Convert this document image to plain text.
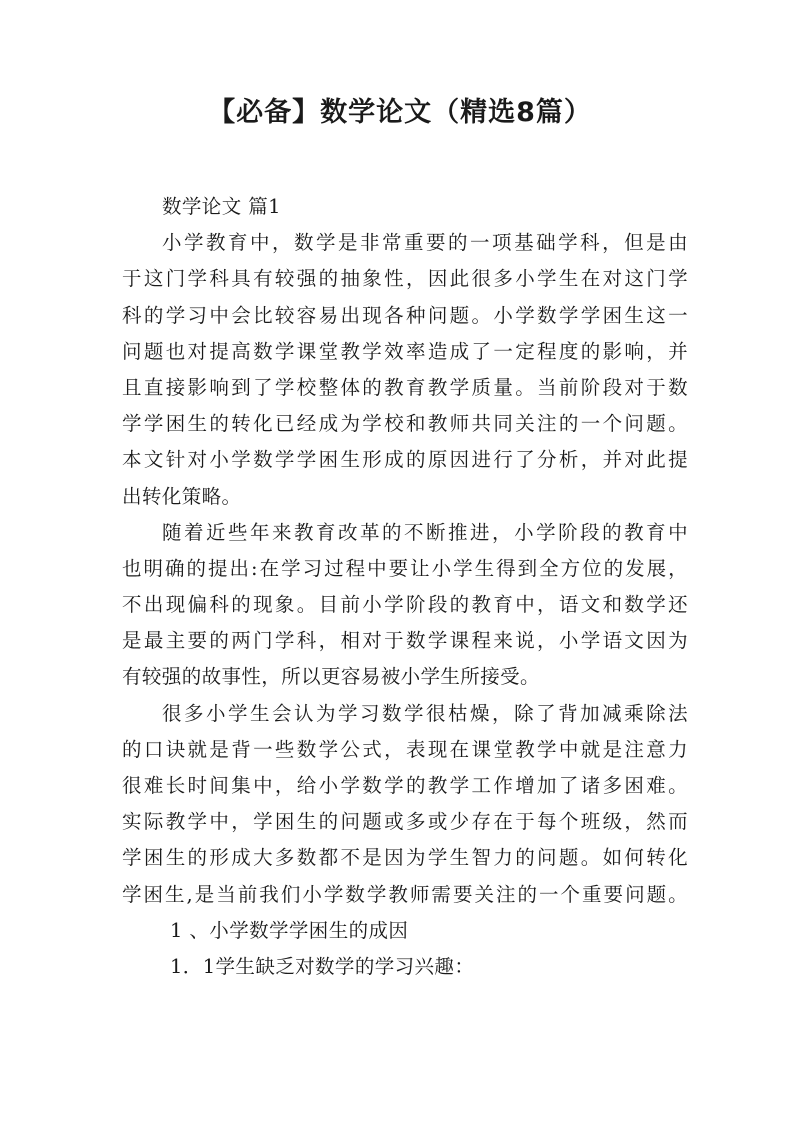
【必备】数学论文（精选8篇）
数学论文 篇1
小学教育中，数学是非常重要的一项基础学科，但是由
于这门学科具有较强的抽象性，因此很多小学生在对这门学
科的学习中会比较容易出现各种问题。小学数学学困生这一
问题也对提高数学课堂教学效率造成了一定程度的影响，并
且直接影响到了学校整体的教育教学质量。当前阶段对于数
学学困生的转化已经成为学校和教师共同关注的一个问题。
本文针对小学数学学困生形成的原因进行了分析，并对此提
出转化策略。
随着近些年来教育改革的不断推进，小学阶段的教育中
也明确的提出:在学习过程中要让小学生得到全方位的发展，
不出现偏科的现象。目前小学阶段的教育中，语文和数学还
是最主要的两门学科，相对于数学课程来说，小学语文因为
有较强的故事性，所以更容易被小学生所接受。
很多小学生会认为学习数学很枯燥，除了背加减乘除法
的口诀就是背一些数学公式，表现在课堂教学中就是注意力
很难长时间集中，给小学数学的教学工作增加了诸多困难。
实际教学中，学困生的问题或多或少存在于每个班级，然而
学困生的形成大多数都不是因为学生智力的问题。如何转化
学困生,是当前我们小学数学教师需要关注的一个重要问题。
1 、小学数学学困生的成因
1．1学生缺乏对数学的学习兴趣：
